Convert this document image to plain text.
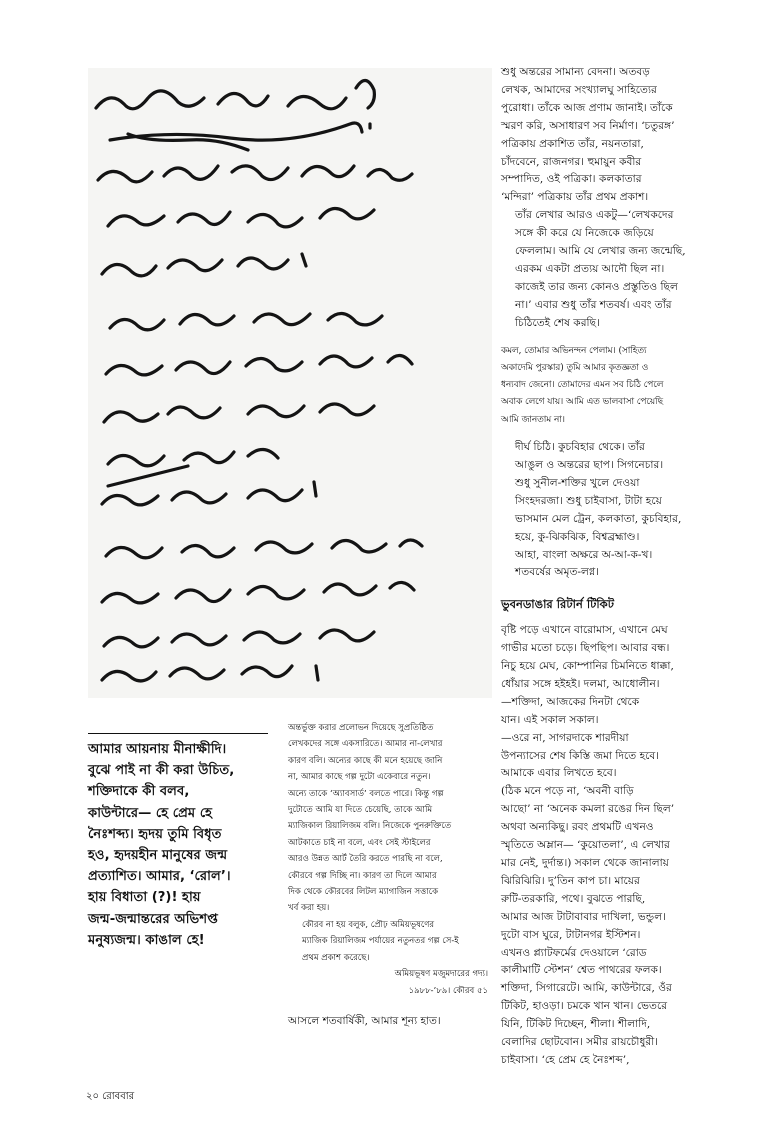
শুধু অন্তরের সামান্য বেদনা। অতবড়
লেখক, আমাদের সংখ্যালঘু সাহিত্যের
পুরোধা। তাঁকে আজ প্রণাম জানাই। তাঁকে
স্মরণ করি, অসাধারণ সব নির্মাণ। ‘চতুরঙ্গ’
পত্রিকায় প্রকাশিত তাঁর, নয়নতারা,
চাঁদবেনে, রাজনগর। হুমায়ুন কবীর
সম্পাদিত, ওই পত্রিকা। কলকাতার
‘মন্দিরা’ পত্রিকায় তাঁর প্রথম প্রকাশ।

তাঁর লেখার আরও একটু—‘লেখকদের
সঙ্গে কী করে যে নিজেকে জড়িয়ে
ফেললাম। আমি যে লেখার জন্য জন্মেছি,
এরকম একটা প্রত্যয় আদৌ ছিল না।
কাজেই তার জন্য কোনও প্রস্তুতিও ছিল
না।’ এবার শুধু তাঁর শতবর্ষ। এবং তাঁর
চিঠিতেই শেষ করছি।

কমল, তোমার অভিনন্দন পেলাম। (সাহিত্য
অকাদেমি পুরস্কার) তুমি আমার কৃতজ্ঞতা ও
ধন্যবাদ জেনো। তোমাদের এমন সব চিঠি পেলে
অবাক লেগে যায়। আমি এত ভালবাসা পেয়েছি
আমি জানতাম না।

দীর্ঘ চিঠি। কুচবিহার থেকে। তাঁর
আঙুল ও অন্তরের ছাপ। সিগনেচার।
শুধু সুনীল-শক্তির খুলে দেওয়া
সিংহদরজা। শুধু চাইবাসা, টাটা হয়ে
ভাসমান মেল ট্রেন, কলকাতা, কুচবিহার,
হয়ে, কু-ঝিকঝিক, বিশ্বব্রহ্মাণ্ড।
আহা, বাংলা অক্ষরে অ-আ-ক-খ।
শতবর্ষের অমৃত-লগ্ন।

ভুবনডাঙার রিটার্ন টিকিট

বৃষ্টি পড়ে এখানে বারোমাস, এখানে মেঘ
গাভীর মতো চড়ে। ছিপছিপ। আবার বন্ধ।
নিচু হয়ে মেঘ, কোম্পানির চিমনিতে ধাক্কা,
ধোঁয়ার সঙ্গে হইহই। দলমা, আধোলীন।
—শক্তিদা, আজকের দিনটা থেকে
যান। এই সকাল সকাল।
—ওরে না, সাগরদাকে শারদীয়া
উপন্যাসের শেষ কিস্তি জমা দিতে হবে।
আমাকে এবার লিখতে হবে।
(ঠিক মনে পড়ে না, ‘অবনী বাড়ি
আছো’ না ‘অনেক কমলা রঙের দিন ছিল’
অথবা অন্যকিছু। রবং প্রথমটি এখনও
স্মৃতিতে অম্লান— ‘কুয়োতলা’, এ লেখার
মার নেই, দুর্দান্ত।) সকাল থেকে জানালায়
ঝিরিঝিরি। দু’তিন কাপ চা। মায়ের
রুটি-তরকারি, পথে। বুঝতে পারছি,
আমার আজ টাটাবাবার দাখিলা, ভন্ডুল।
দুটো বাস ঘুরে, টাটানগর ইস্টিশন।
এখনও প্ল্যাটফর্মের দেওয়ালে ‘রোড
কালীমাটি স্টেশন’ শ্বেত পাথরের ফলক।
শক্তিদা, সিগারেটে। আমি, কাউন্টারে, ওঁর
টিকিট, হাওড়া। চমকে খান খান। ভেতরে
যিনি, টিকিট দিচ্ছেন, শীলা। শীলাদি,
বেলাদির ছোটবোন। সমীর রায়চৌধুরী।
চাইবাসা। ‘হে প্রেম হে নৈঃশব্দ’,

আমার আয়নায় মীনাক্ষীদি।
বুঝে পাই না কী করা উচিত,
শক্তিদাকে কী বলব,
কাউন্টারে— হে প্রেম হে
নৈঃশব্দ্য। হৃদয় তুমি বিধৃত
হও, হৃদয়হীন মানুষের জন্ম
প্রত্যাশিত। আমার, ‘রোল’।
হায় বিধাতা (?)! হায়
জন্ম-জন্মান্তরের অভিশপ্ত
মনুষ্যজন্ম। কাঙাল হে!

অন্তর্ভুক্ত করার প্রলোভন দিয়েছে সুপ্রতিষ্ঠিত
লেখকদের সঙ্গে একসারিতে। আমার না-লেখার
কারণ বলি। অন্যের কাছে কী মনে হয়েছে জানি
না, আমার কাছে গল্প দুটো একেবারে নতুন।
অন্যে তাকে ‘অ্যাবসার্ড’ বলতে পারে। কিন্তু গল্প
দুটোতে আমি যা দিতে চেয়েছি, তাকে আমি
ম্যাজিকাল রিয়ালিজম বলি। নিজেকে পুনরুক্তিতে
আটকাতে চাই না বলে, এবং সেই স্টাইলের
আরও উন্নত আর্ট তৈরি করতে পারছি না বলে,
কৌরবে গল্প দিচ্ছি না। কারণ তা দিলে আমার
দিক থেকে কৌরবের লিটল ম্যাগাজিন সত্তাকে
খর্ব করা হয়।

কৌরব না হয় বলুক, প্রৌঢ় অমিয়ভূষণের
ম্যাজিক রিয়ালিজম পর্যায়ের নতুনতর গল্প সে-ই
প্রথম প্রকাশ করেছে।

অমিয়ভূষণ মজুমদারের গদ্য।

১৯৮৮-’৮৯। কৌরব ৫১

আসলে শতবার্ষিকী, আমার শূন্য হাত।

২০ রোববার
